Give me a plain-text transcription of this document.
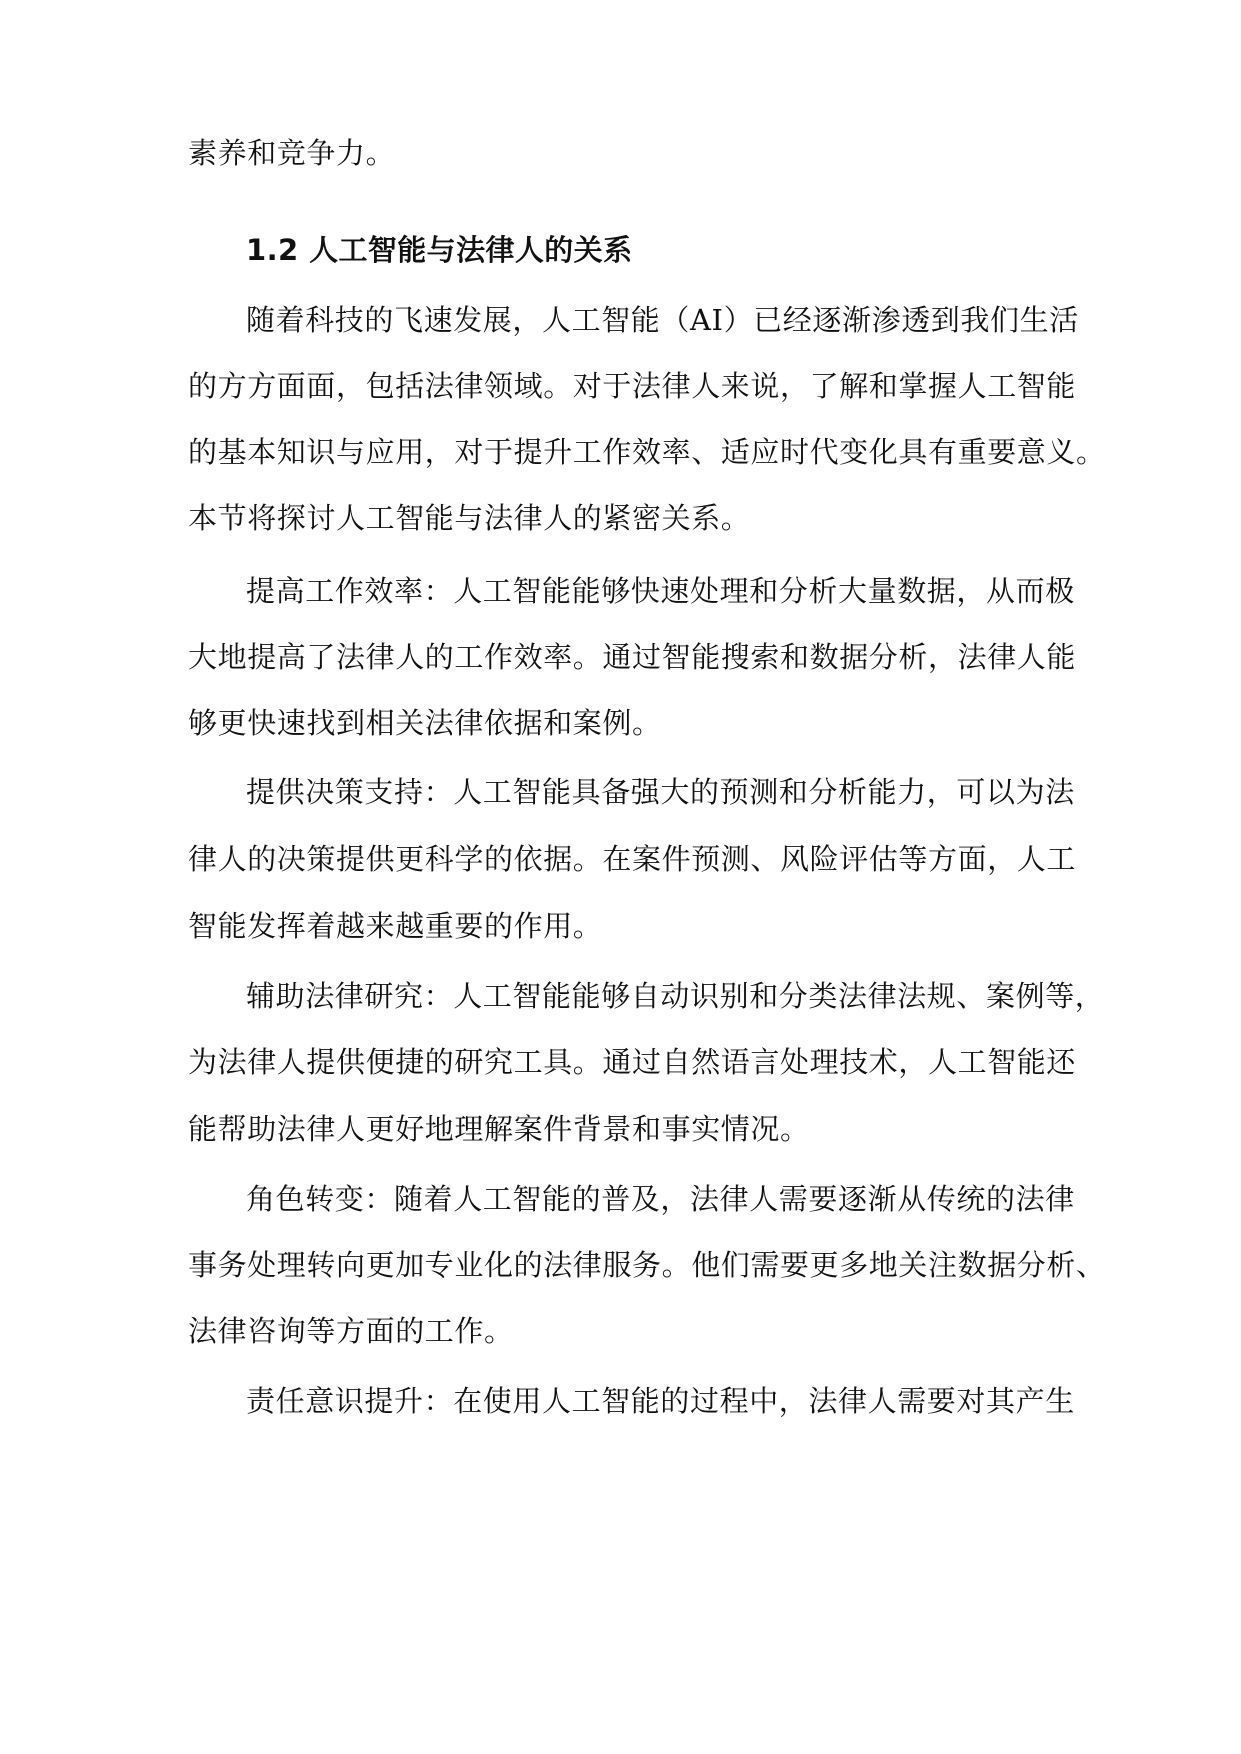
素养和竞争力。
1.2 人工智能与法律人的关系
随着科技的飞速发展，人工智能（AI）已经逐渐渗透到我们生活
的方方面面，包括法律领域。对于法律人来说，了解和掌握人工智能
的基本知识与应用，对于提升工作效率、适应时代变化具有重要意义。
本节将探讨人工智能与法律人的紧密关系。
提高工作效率：人工智能能够快速处理和分析大量数据，从而极
大地提高了法律人的工作效率。通过智能搜索和数据分析，法律人能
够更快速找到相关法律依据和案例。
提供决策支持：人工智能具备强大的预测和分析能力，可以为法
律人的决策提供更科学的依据。在案件预测、风险评估等方面，人工
智能发挥着越来越重要的作用。
辅助法律研究：人工智能能够自动识别和分类法律法规、案例等，
为法律人提供便捷的研究工具。通过自然语言处理技术，人工智能还
能帮助法律人更好地理解案件背景和事实情况。
角色转变：随着人工智能的普及，法律人需要逐渐从传统的法律
事务处理转向更加专业化的法律服务。他们需要更多地关注数据分析、
法律咨询等方面的工作。
责任意识提升：在使用人工智能的过程中，法律人需要对其产生
